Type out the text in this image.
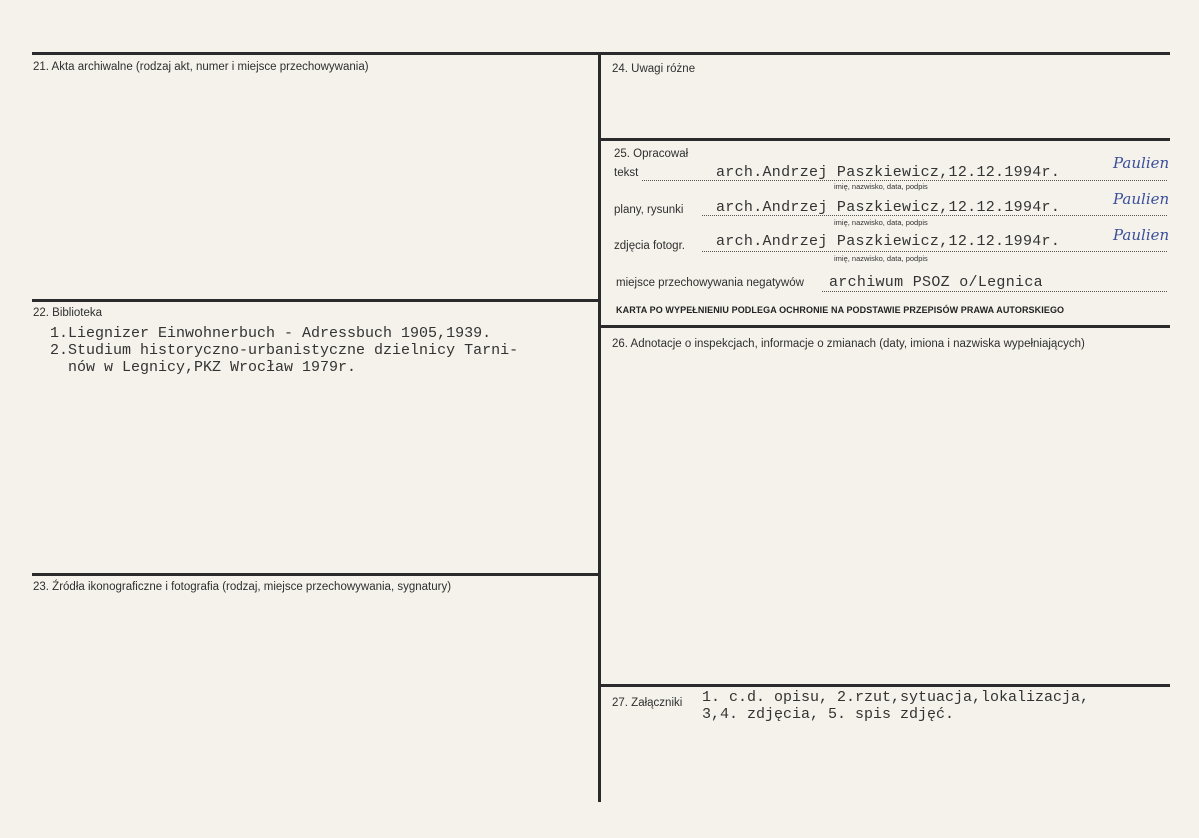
21. Akta archiwalne (rodzaj akt, numer i miejsce przechowywania)
22. Biblioteka
1.Liegnizer Einwohnerbuch - Adressbuch 1905,1939.
2.Studium historyczno-urbanistyczne dzielnicy Tarni-
nów w Legnicy,PKZ Wrocław 1979r.
23. Źródła ikonograficzne i fotografia (rodzaj, miejsce przechowywania, sygnatury)
24. Uwagi różne
25. Opracował
tekst	arch.Andrzej Paszkiewicz,12.12.1994r.
imię, nazwisko, data, podpis
Paulien
plany, rysunki arch.Andrzej Paszkiewicz,12.12.1994r.
imię, nazwisko, data, podpis
Paulien
zdjęcia fotogr. arch.Andrzej Paszkiewicz,12.12.1994r.
imię, nazwisko, data, podpis
Paulien
miejsce przechowywania negatywów archiwum PSOZ o/Legnica
KARTA PO WYPEŁNIENIU PODLEGA OCHRONIE NA PODSTAWIE PRZEPISÓW PRAWA AUTORSKIEGO
26. Adnotacje o inspekcjach, informacje o zmianach (daty, imiona i nazwiska wypełniających)
27. Załączniki 1. c.d. opisu, 2.rzut,sytuacja,lokalizacja,
3,4. zdjęcia, 5. spis zdjęć.
